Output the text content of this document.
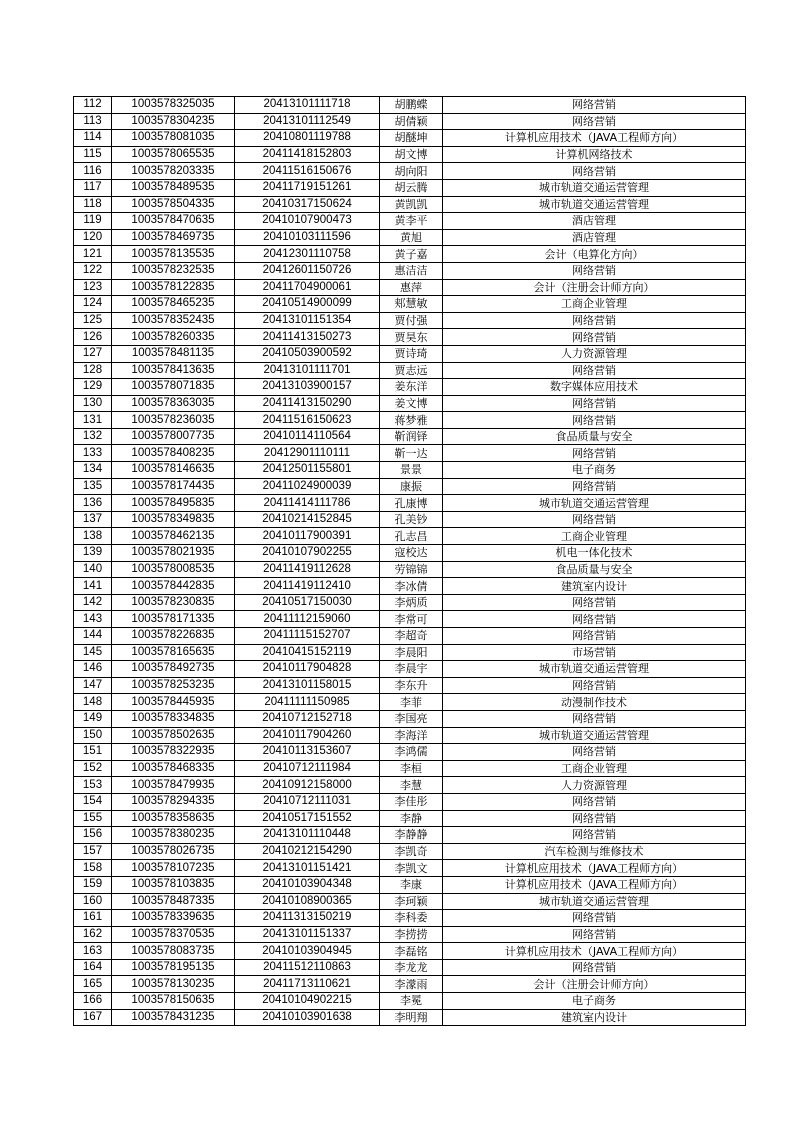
112	1003578325035	20413101111718	胡鹏蝶	网络营销
113	1003578304235	20413101112549	胡倩颖	网络营销
114	1003578081035	20410801119788	胡醚坤	计算机应用技术（JAVA工程师方向）
115	1003578065535	20411418152803	胡文博	计算机网络技术
116	1003578203335	20411516150676	胡向阳	网络营销
117	1003578489535	20411719151261	胡云腾	城市轨道交通运营管理
118	1003578504335	20410317150624	黄凯凯	城市轨道交通运营管理
119	1003578470635	20410107900473	黄李平	酒店管理
120	1003578469735	20410103111596	黄旭	酒店管理
121	1003578135535	20412301110758	黄子嘉	会计（电算化方向）
122	1003578232535	20412601150726	惠洁洁	网络营销
123	1003578122835	20411704900061	惠萍	会计（注册会计师方向）
124	1003578465235	20410514900099	郏慧敏	工商企业管理
125	1003578352435	20413101151354	贾付强	网络营销
126	1003578260335	20411413150273	贾昊东	网络营销
127	1003578481135	20410503900592	贾诗琦	人力资源管理
128	1003578413635	20413101111701	贾志远	网络营销
129	1003578071835	20413103900157	姜东洋	数字媒体应用技术
130	1003578363035	20411413150290	姜文博	网络营销
131	1003578236035	20411516150623	蒋梦雅	网络营销
132	1003578007735	20410114110564	靳润铎	食品质量与安全
133	1003578408235	20412901110111	靳一达	网络营销
134	1003578146635	20412501155801	景景	电子商务
135	1003578174435	20411024900039	康振	网络营销
136	1003578495835	20411414111786	孔康博	城市轨道交通运营管理
137	1003578349835	20410214152845	孔美钞	网络营销
138	1003578462135	20410117900391	孔志昌	工商企业管理
139	1003578021935	20410107902255	寇校达	机电一体化技术
140	1003578008535	20411419112628	劳锦锦	食品质量与安全
141	1003578442835	20411419112410	李冰倩	建筑室内设计
142	1003578230835	20410517150030	李炳质	网络营销
143	1003578171335	20411112159060	李常可	网络营销
144	1003578226835	20411115152707	李超奇	网络营销
145	1003578165635	20410415152119	李晨阳	市场营销
146	1003578492735	20410117904828	李晨宇	城市轨道交通运营管理
147	1003578253235	20413101158015	李东升	网络营销
148	1003578445935	20411111150985	李菲	动漫制作技术
149	1003578334835	20410712152718	李国亮	网络营销
150	1003578502635	20410117904260	李海洋	城市轨道交通运营管理
151	1003578322935	20410113153607	李鸿儒	网络营销
152	1003578468335	20410712111984	李桓	工商企业管理
153	1003578479935	20410912158000	李慧	人力资源管理
154	1003578294335	20410712111031	李佳彤	网络营销
155	1003578358635	20410517151552	李静	网络营销
156	1003578380235	20413101110448	李静静	网络营销
157	1003578026735	20410212154290	李凯奇	汽车检测与维修技术
158	1003578107235	20413101151421	李凯文	计算机应用技术（JAVA工程师方向）
159	1003578103835	20410103904348	李康	计算机应用技术（JAVA工程师方向）
160	1003578487335	20410108900365	李珂颖	城市轨道交通运营管理
161	1003578339635	20411313150219	李科委	网络营销
162	1003578370535	20413101151337	李捞捞	网络营销
163	1003578083735	20410103904945	李磊铭	计算机应用技术（JAVA工程师方向）
164	1003578195135	20411512110863	李龙龙	网络营销
165	1003578130235	20411713110621	李濛雨	会计（注册会计师方向）
166	1003578150635	20410104902215	李冕	电子商务
167	1003578431235	20410103901638	李明翔	建筑室内设计
